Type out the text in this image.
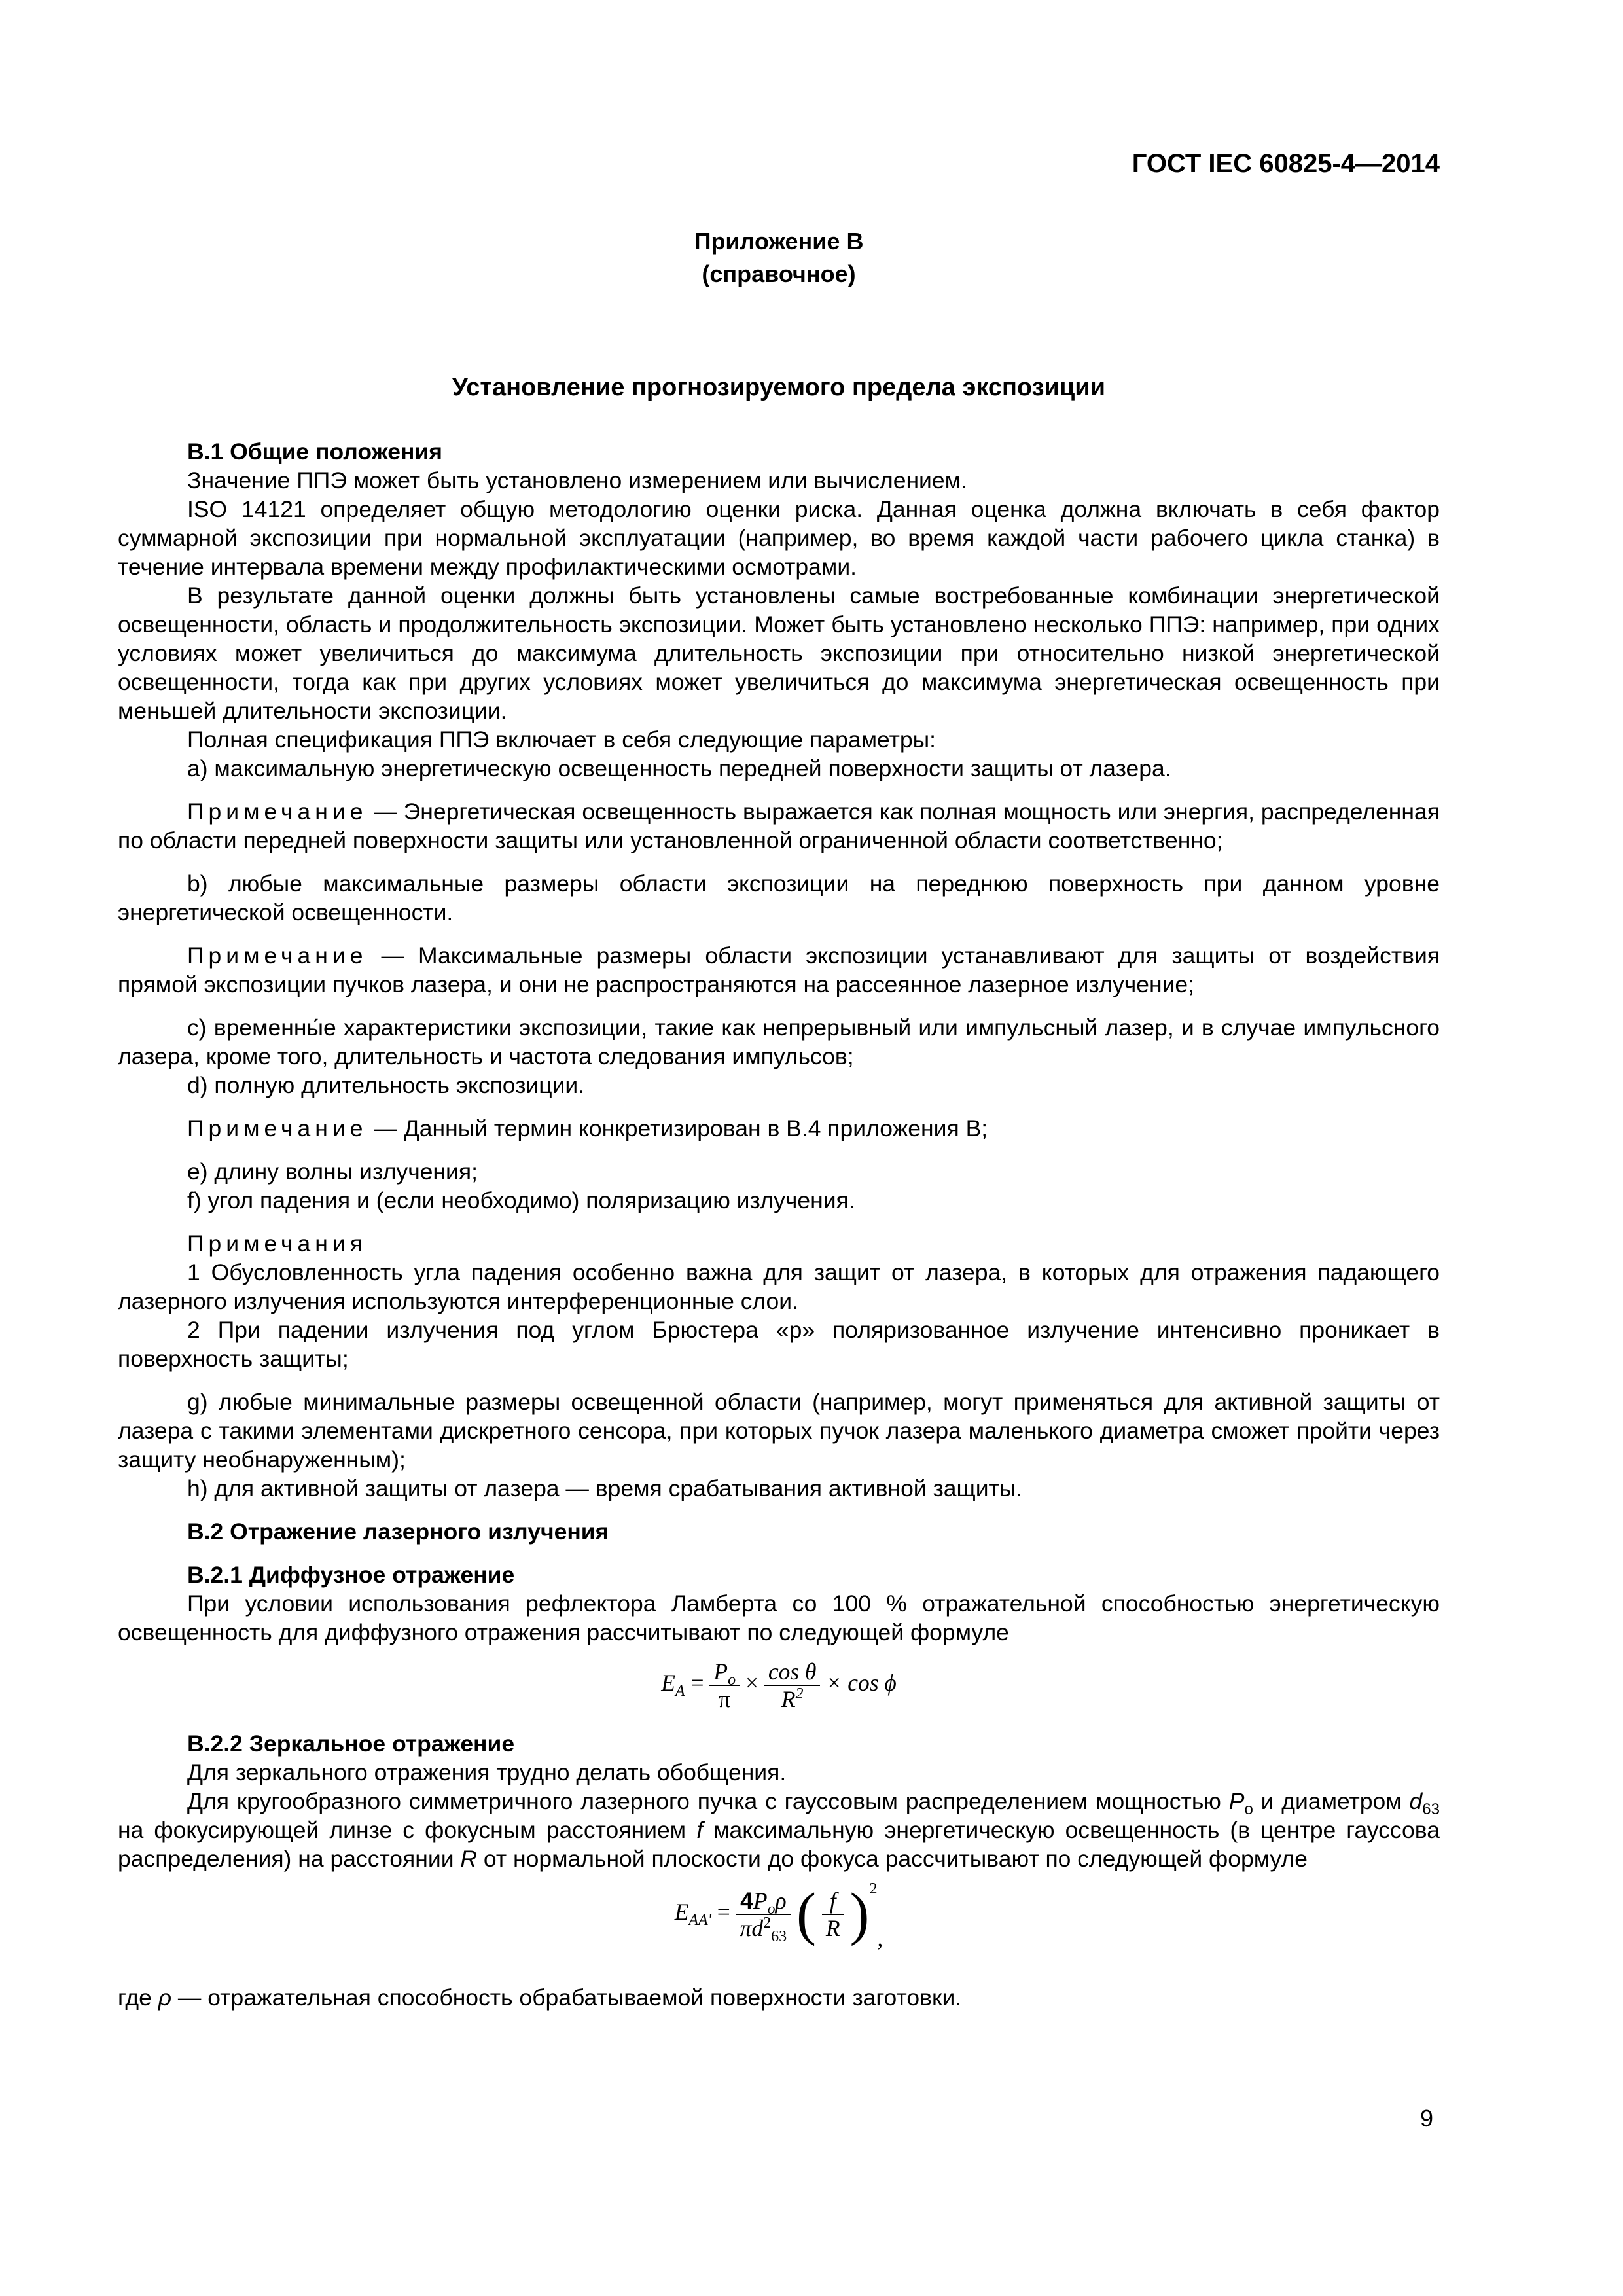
ГОСТ IEC 60825-4—2014
Приложение В
(справочное)
Установление прогнозируемого предела экспозиции

В.1 Общие положения

Значение ППЭ может быть установлено измерением или вычислением.

ISO 14121 определяет общую методологию оценки риска. Данная оценка должна включать в себя фактор суммарной экспозиции при нормальной эксплуатации (например, во время каждой части рабочего цикла станка) в течение интервала времени между профилактическими осмотрами.

В результате данной оценки должны быть установлены самые востребованные комбинации энергетической освещенности, область и продолжительность экспозиции. Может быть установлено несколько ППЭ: например, при одних условиях может увеличиться до максимума длительность экспозиции при относительно низкой энергетической освещенности, тогда как при других условиях может увеличиться до максимума энергетическая освещенность при меньшей длительности экспозиции.

Полная спецификация ППЭ включает в себя следующие параметры:

а) максимальную энергетическую освещенность передней поверхности защиты от лазера.

Примечание — Энергетическая освещенность выражается как полная мощность или энергия, распределенная по области передней поверхности защиты или установленной ограниченной области соответственно;

b) любые максимальные размеры области экспозиции на переднюю поверхность при данном уровне энергетической освещенности.

Примечание — Максимальные размеры области экспозиции устанавливают для защиты от воздействия прямой экспозиции пучков лазера, и они не распространяются на рассеянное лазерное излучение;

с) временны́е характеристики экспозиции, такие как непрерывный или импульсный лазер, и в случае импульсного лазера, кроме того, длительность и частота следования импульсов;

d) полную длительность экспозиции.

Примечание — Данный термин конкретизирован в В.4 приложения В;

е) длину волны излучения;

f) угол падения и (если необходимо) поляризацию излучения.

Примечания

1 Обусловленность угла падения особенно важна для защит от лазера, в которых для отражения падающего лазерного излучения используются интерференционные слои.

2 При падении излучения под углом Брюстера «р» поляризованное излучение интенсивно проникает в поверхность защиты;

g) любые минимальные размеры освещенной области (например, могут применяться для активной защиты от лазера с такими элементами дискретного сенсора, при которых пучок лазера маленького диаметра сможет пройти через защиту необнаруженным);

h) для активной защиты от лазера — время срабатывания активной защиты.

В.2 Отражение лазерного излучения

В.2.1 Диффузное отражение

При условии использования рефлектора Ламберта со 100 % отражательной способностью энергетическую освещенность для диффузного отражения рассчитывают по следующей формуле

$E_A = \frac{P_o}{\pi} \times \frac{\text{cos θ}}{R^2} \times \cos \phi$

В.2.2 Зеркальное отражение

Для зеркального отражения трудно делать обобщения.

Для кругообразного симметричного лазерного пучка с гауссовым распределением мощностью $P_o$ и диаметром $d_{63}$ на фокусирующей линзе с фокусным расстоянием f максимальную энергетическую освещенность (в центре гауссова распределения) на расстоянии R от нормальной плоскости до фокуса рассчитывают по следующей формуле

$E_{AA'} = \frac{4P_o\rho}{\pi d^2_{63}}$ ( $\frac{f}{R} )^2$,

где ρ — отражательная способность обрабатываемой поверхности заготовки.

9
